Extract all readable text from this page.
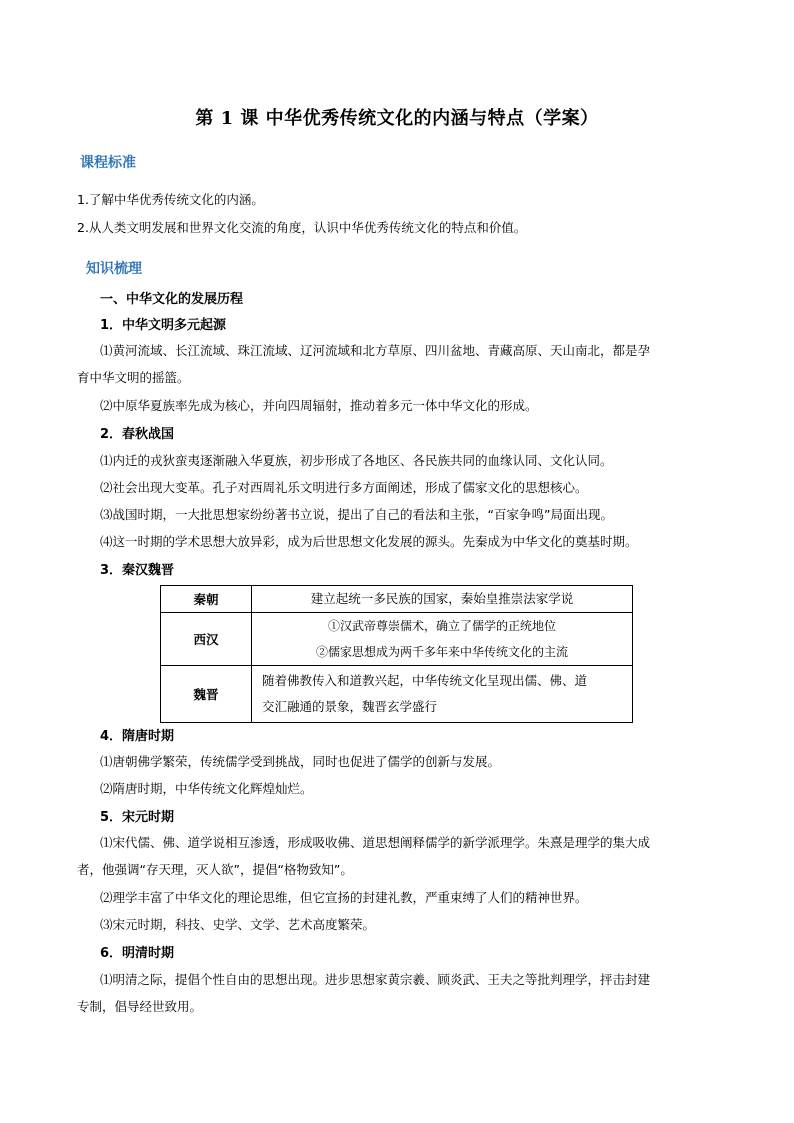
第 1 课 中华优秀传统文化的内涵与特点（学案）
课程标准
1.了解中华优秀传统文化的内涵。
2.从人类文明发展和世界文化交流的角度，认识中华优秀传统文化的特点和价值。
知识梳理
一、中华文化的发展历程
1．中华文明多元起源
⑴黄河流域、长江流域、珠江流域、辽河流域和北方草原、四川盆地、青藏高原、天山南北，都是孕
育中华文明的摇篮。
⑵中原华夏族率先成为核心，并向四周辐射，推动着多元一体中华文化的形成。
2．春秋战国
⑴内迁的戎狄蛮夷逐渐融入华夏族，初步形成了各地区、各民族共同的血缘认同、文化认同。
⑵社会出现大变革。孔子对西周礼乐文明进行多方面阐述，形成了儒家文化的思想核心。
⑶战国时期，一大批思想家纷纷著书立说，提出了自己的看法和主张，“百家争鸣”局面出现。
⑷这一时期的学术思想大放异彩，成为后世思想文化发展的源头。先秦成为中华文化的奠基时期。
3．秦汉魏晋
秦朝	建立起统一多民族的国家，秦始皇推崇法家学说
西汉	①汉武帝尊崇儒术，确立了儒学的正统地位
②儒家思想成为两千多年来中华传统文化的主流

魏晋	随着佛教传入和道教兴起，中华传统文化呈现出儒、佛、道
交汇融通的景象，魏晋玄学盛行
4．隋唐时期
⑴唐朝佛学繁荣，传统儒学受到挑战，同时也促进了儒学的创新与发展。
⑵隋唐时期，中华传统文化辉煌灿烂。
5．宋元时期
⑴宋代儒、佛、道学说相互渗透，形成吸收佛、道思想阐释儒学的新学派理学。朱熹是理学的集大成
者，他强调“存天理，灭人欲”，提倡“格物致知”。
⑵理学丰富了中华文化的理论思维，但它宣扬的封建礼教，严重束缚了人们的精神世界。
⑶宋元时期，科技、史学、文学、艺术高度繁荣。
6．明清时期
⑴明清之际，提倡个性自由的思想出现。进步思想家黄宗羲、顾炎武、王夫之等批判理学，抨击封建
专制，倡导经世致用。
